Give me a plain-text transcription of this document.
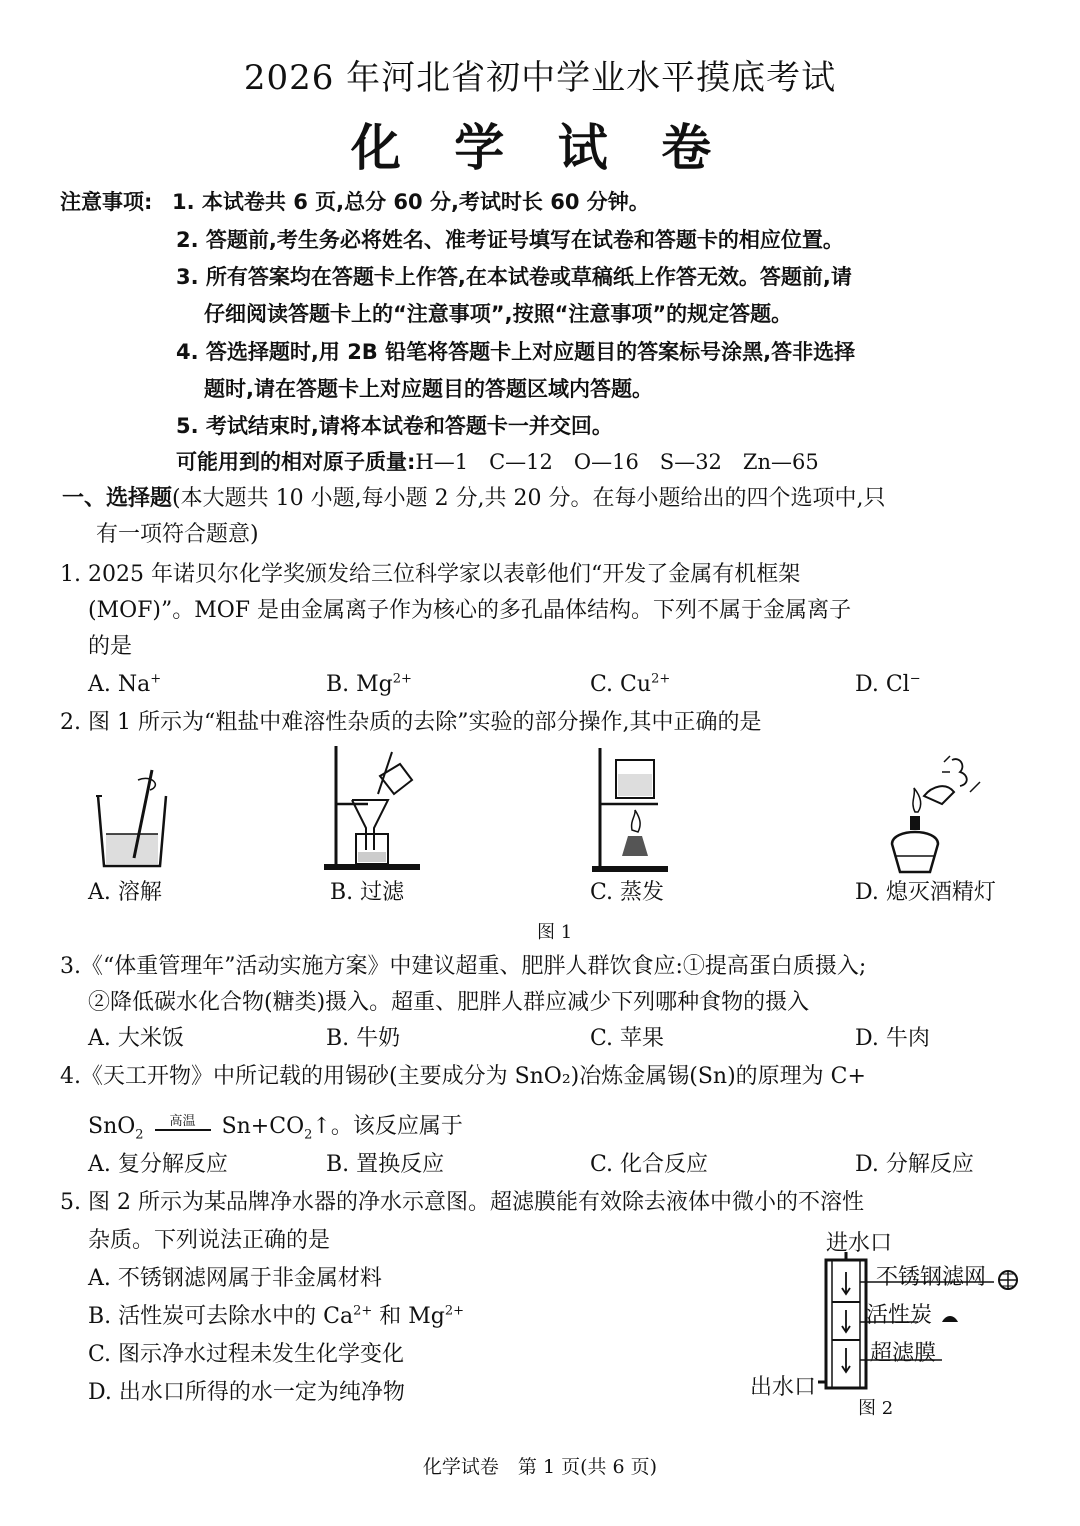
2026 年河北省初中学业水平摸底考试
化 学 试 卷
注意事项: 1. 本试卷共 6 页,总分 60 分,考试时长 60 分钟。
2. 答题前,考生务必将姓名、准考证号填写在试卷和答题卡的相应位置。
3. 所有答案均在答题卡上作答,在本试卷或草稿纸上作答无效。答题前,请
仔细阅读答题卡上的“注意事项”,按照“注意事项”的规定答题。
4. 答选择题时,用 2B 铅笔将答题卡上对应题目的答案标号涂黑,答非选择
题时,请在答题卡上对应题目的答题区域内答题。
5. 考试结束时,请将本试卷和答题卡一并交回。
可能用到的相对原子质量:H—1　C—12　O—16　S—32　Zn—65
一、选择题(本大题共 10 小题,每小题 2 分,共 20 分。在每小题给出的四个选项中,只
有一项符合题意)
1. 2025 年诺贝尔化学奖颁发给三位科学家以表彰他们“开发了金属有机框架
(MOF)”。MOF 是由金属离子作为核心的多孔晶体结构。下列不属于金属离子
的是
A. Na+	B. $Mg^{2+}$	C. $Cu^{2+}$	D. Cl−
2. 图 1 所示为“粗盐中难溶性杂质的去除”实验的部分操作,其中正确的是
A. 溶解	B. 过滤	C. 蒸发	D. 熄灭酒精灯
图 1
3.《“体重管理年”活动实施方案》中建议超重、肥胖人群饮食应:①提高蛋白质摄入;
②降低碳水化合物(糖类)摄入。超重、肥胖人群应减少下列哪种食物的摄入
A. 大米饭	B. 牛奶	C. 苹果	D. 牛肉
4.《天工开物》中所记载的用锡砂(主要成分为 SnO₂)冶炼金属锡(Sn)的原理为 C+
SnO$_2$
高温	$Sn+CO_2↑$。该反应属于
A. 复分解反应	B. 置换反应	C. 化合反应	D. 分解反应
5. 图 2 所示为某品牌净水器的净水示意图。超滤膜能有效除去液体中微小的不溶性
杂质。下列说法正确的是
A. 不锈钢滤网属于非金属材料
B. 活性炭可去除水中的 $Ca^{2+}$ 和 $Mg^{2+}$
C. 图示净水过程未发生化学变化
D. 出水口所得的水一定为纯净物
进水口
不锈钢滤网
活性炭
超滤膜
出水口
图 2
化学试卷　第 1 页(共 6 页)
